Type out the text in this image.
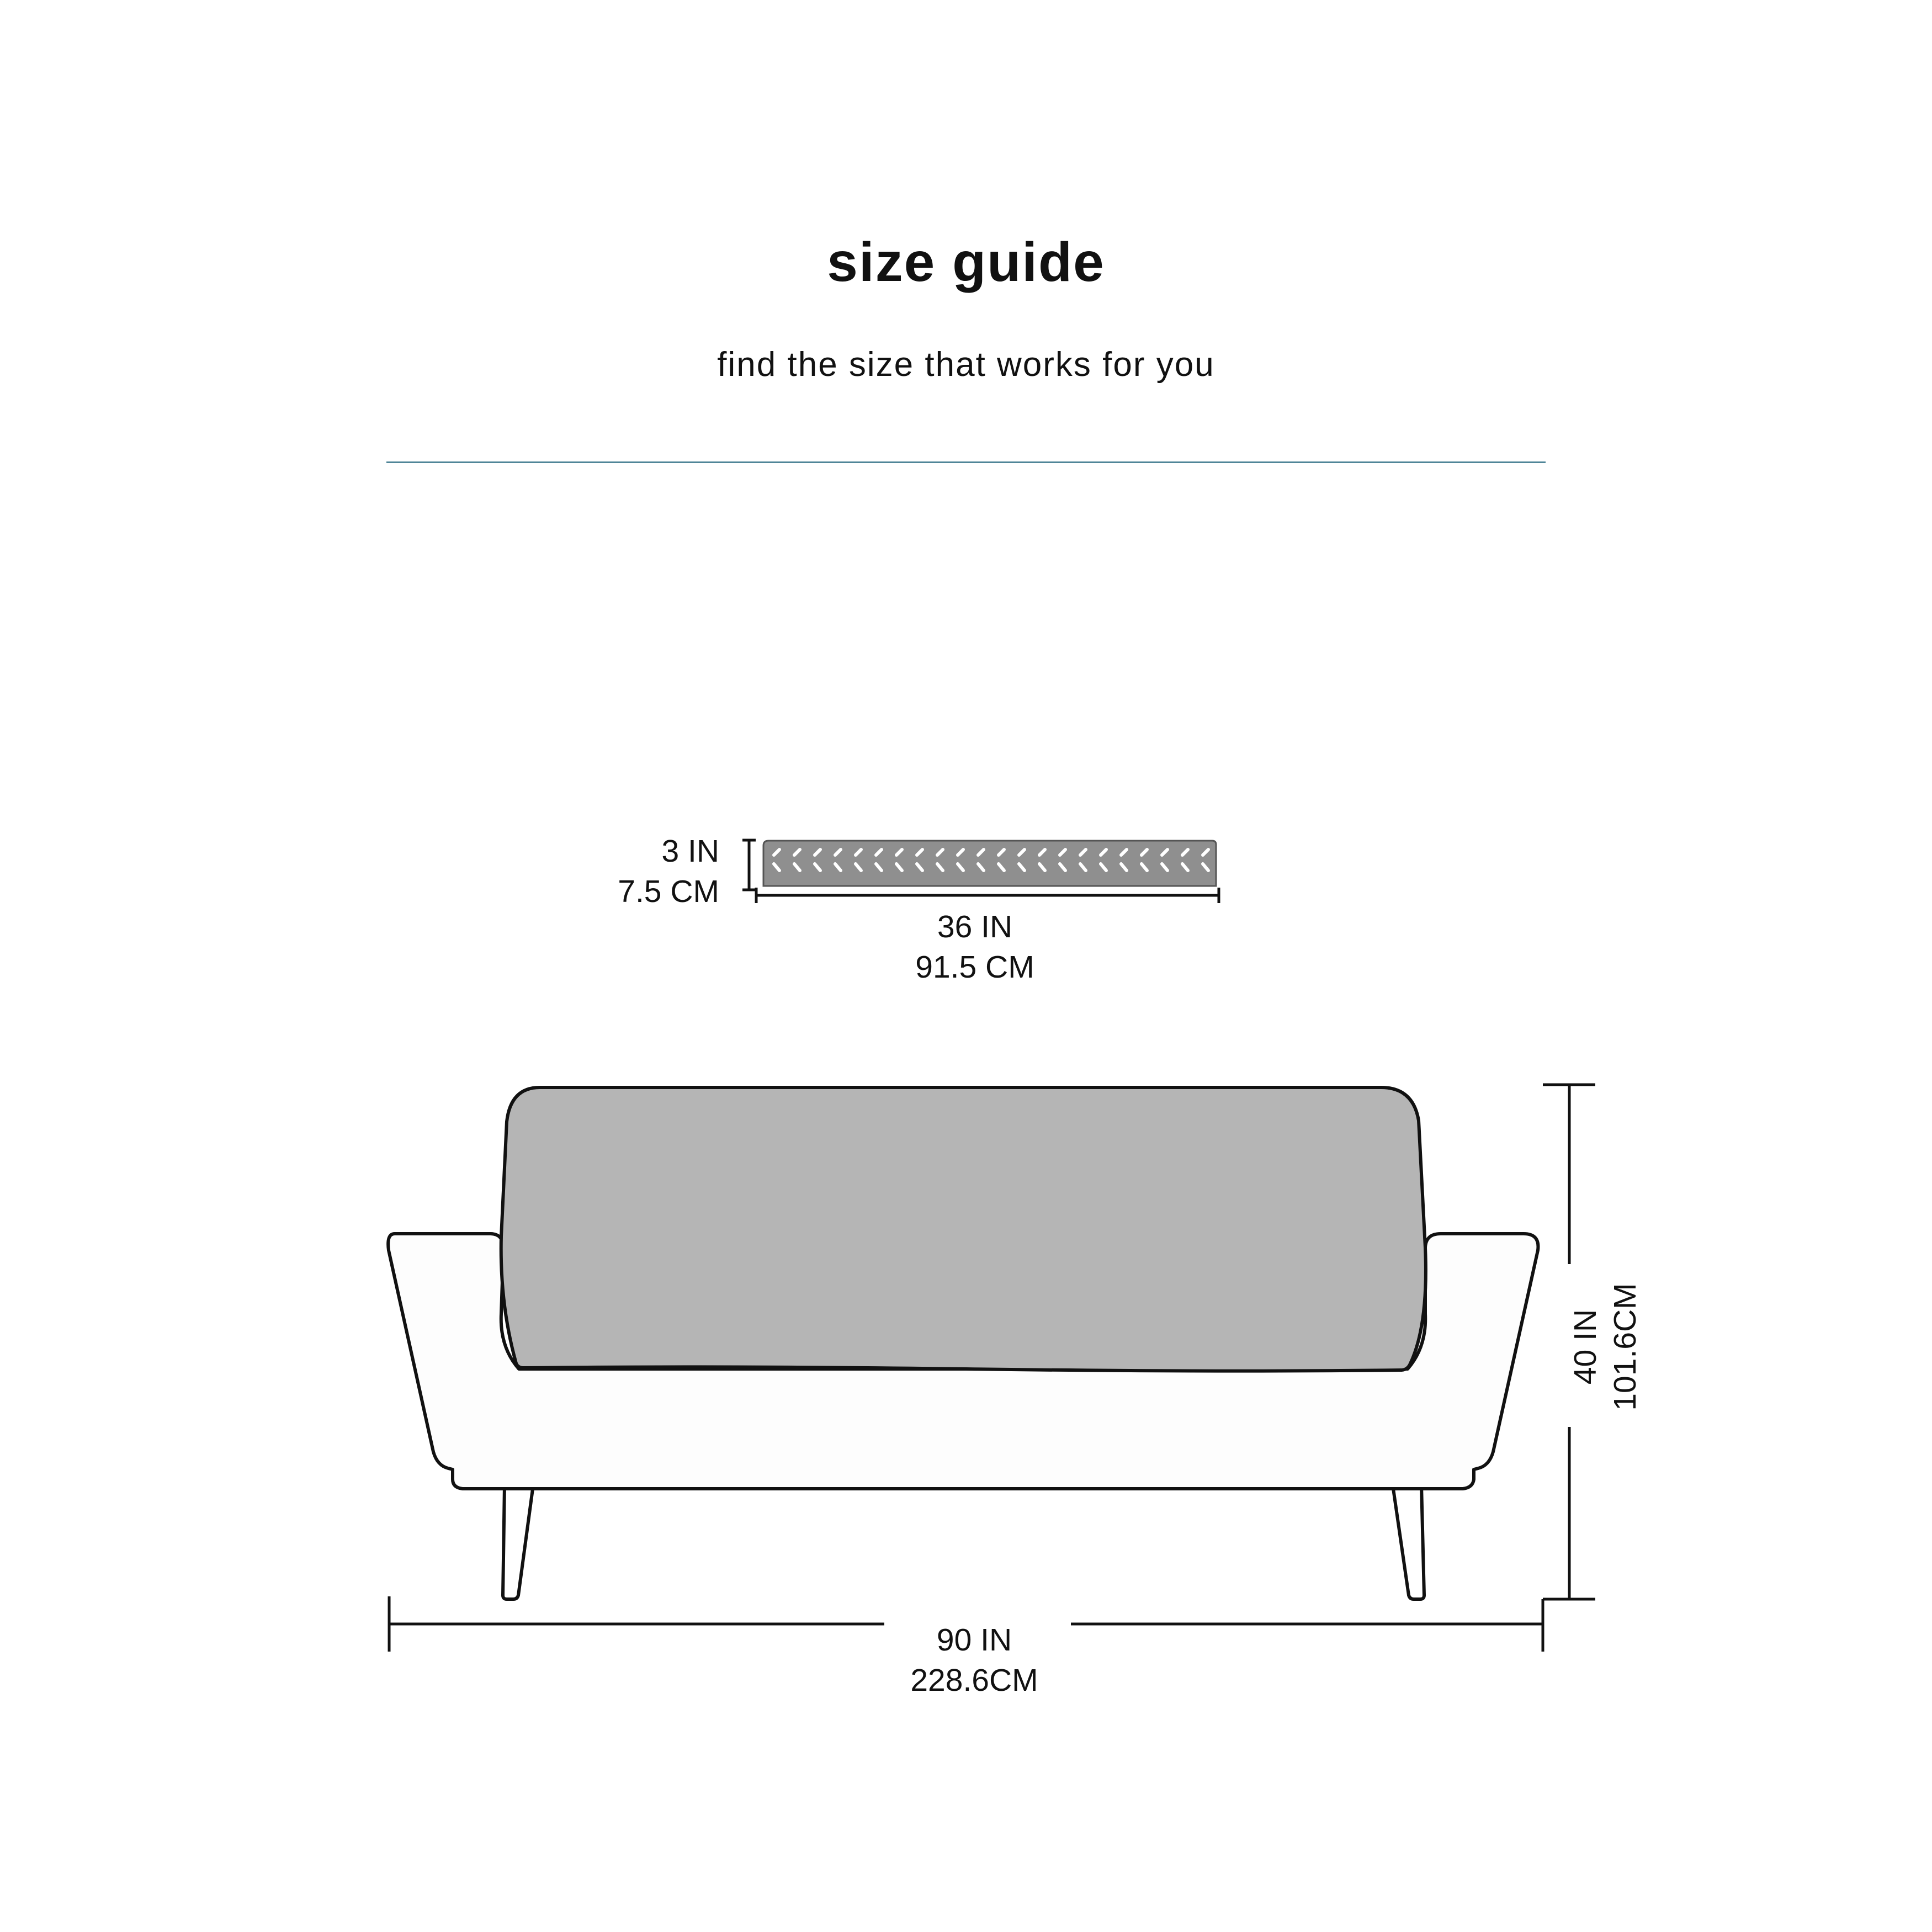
size guide
find the size that works for you
3 IN
7.5 CM
36 IN
91.5 CM
40 IN 101.6CM
90 IN
228.6CM
